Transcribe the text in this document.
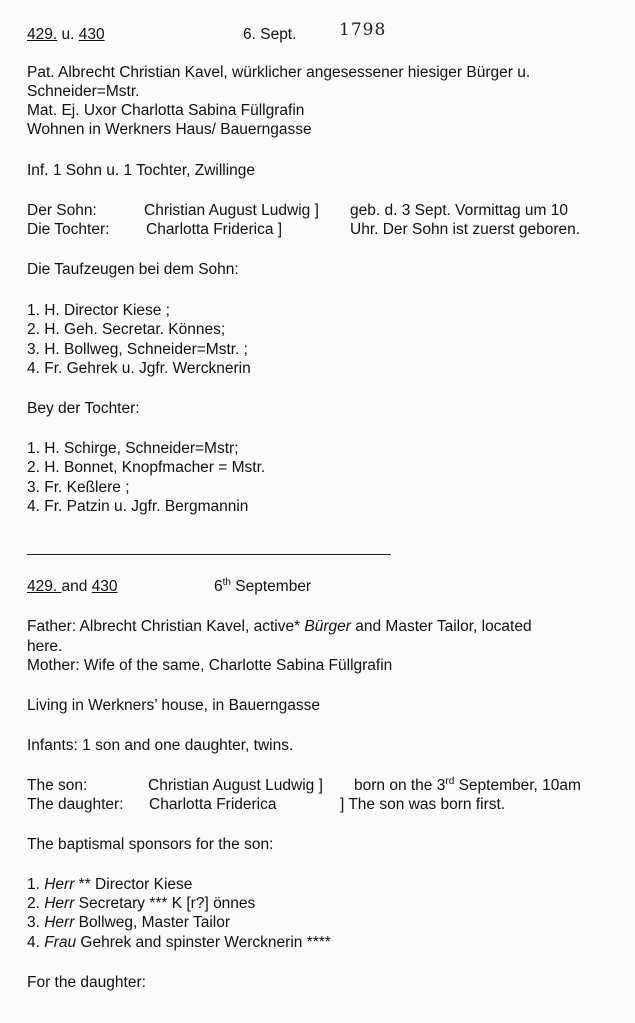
429. u. 430	6. Sept.	1798
Pat. Albrecht Christian Kavel, würklicher angesessener hiesiger Bürger u.
Schneider=Mstr.
Mat. Ej. Uxor Charlotta Sabina Füllgrafin
Wohnen in Werkners Haus/ Bauerngasse
Inf. 1 Sohn u. 1 Tochter, Zwillinge
Der Sohn:	Christian August Ludwig ] geb. d. 3 Sept. Vormittag um 10
Die Tochter: Charlotta Friderica ]	Uhr. Der Sohn ist zuerst geboren.
Die Taufzeugen bei dem Sohn:
1. H. Director Kiese ;
2. H. Geh. Secretar. Könnes;
3. H. Bollweg, Schneider=Mstr. ;
4. Fr. Gehrek u. Jgfr. Wercknerin
Bey der Tochter:
1. H. Schirge, Schneider=Mstr;
2. H. Bonnet, Knopfmacher = Mstr.
3. Fr. Keßlere ;
4. Fr. Patzin u. Jgfr. Bergmannin
429. and 430	6th September
Father: Albrecht Christian Kavel, active* Bürger and Master Tailor, located
here.
Mother: Wife of the same, Charlotte Sabina Füllgrafin
Living in Werkners’ house, in Bauerngasse
Infants: 1 son and one daughter, twins.
The son:	Christian August Ludwig ] born on the 3rd September, 10am
The daughter: Charlotta Friderica	] The son was born first.
The baptismal sponsors for the son:
1. Herr ** Director Kiese
2. Herr Secretary *** K [r?] önnes
3. Herr Bollweg, Master Tailor
4. Frau Gehrek and spinster Wercknerin ****
For the daughter:
